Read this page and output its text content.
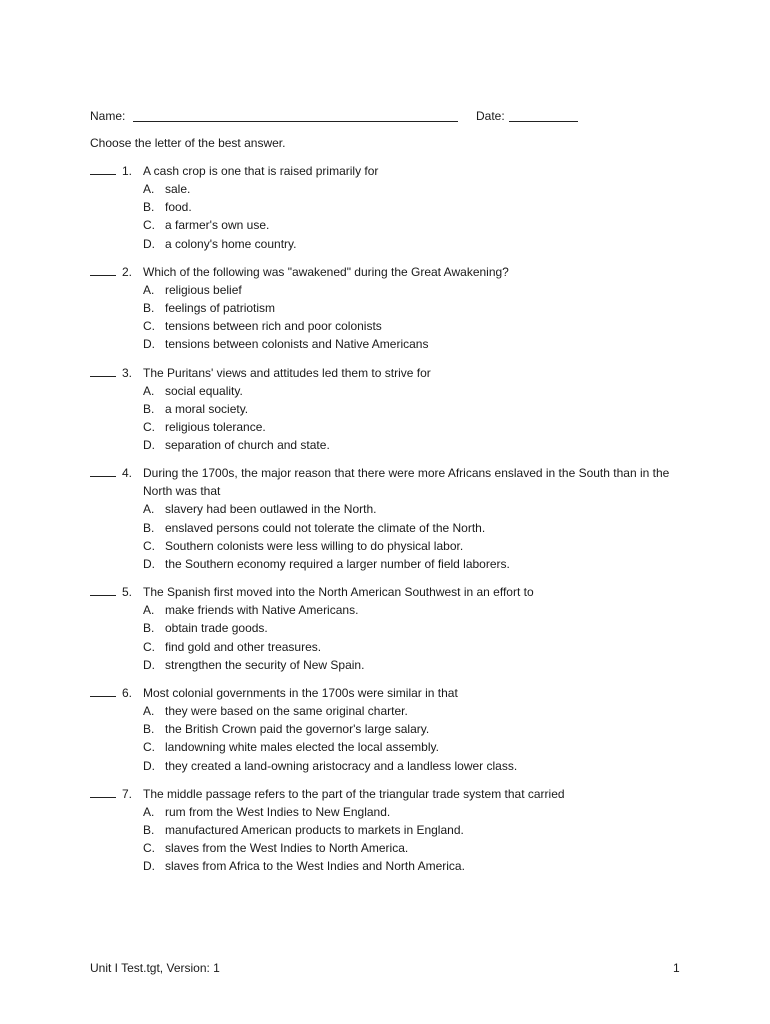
Name:	Date:
Choose the letter of the best answer.
1. A cash crop is one that is raised primarily for
A. sale.
B. food.
C. a farmer's own use.
D. a colony's home country.
2. Which of the following was "awakened" during the Great Awakening?
A. religious belief
B. feelings of patriotism
C. tensions between rich and poor colonists
D. tensions between colonists and Native Americans
3. The Puritans' views and attitudes led them to strive for
A. social equality.
B. a moral society.
C. religious tolerance.
D. separation of church and state.
4. During the 1700s, the major reason that there were more Africans enslaved in the South than in the North was that
A. slavery had been outlawed in the North.
B. enslaved persons could not tolerate the climate of the North.
C. Southern colonists were less willing to do physical labor.
D. the Southern economy required a larger number of field laborers.
5. The Spanish first moved into the North American Southwest in an effort to
A. make friends with Native Americans.
B. obtain trade goods.
C. find gold and other treasures.
D. strengthen the security of New Spain.
6. Most colonial governments in the 1700s were similar in that
A. they were based on the same original charter.
B. the British Crown paid the governor's large salary.
C. landowning white males elected the local assembly.
D. they created a land-owning aristocracy and a landless lower class.
7. The middle passage refers to the part of the triangular trade system that carried
A. rum from the West Indies to New England.
B. manufactured American products to markets in England.
C. slaves from the West Indies to North America.
D. slaves from Africa to the West Indies and North America.
Unit I Test.tgt, Version: 1	1
